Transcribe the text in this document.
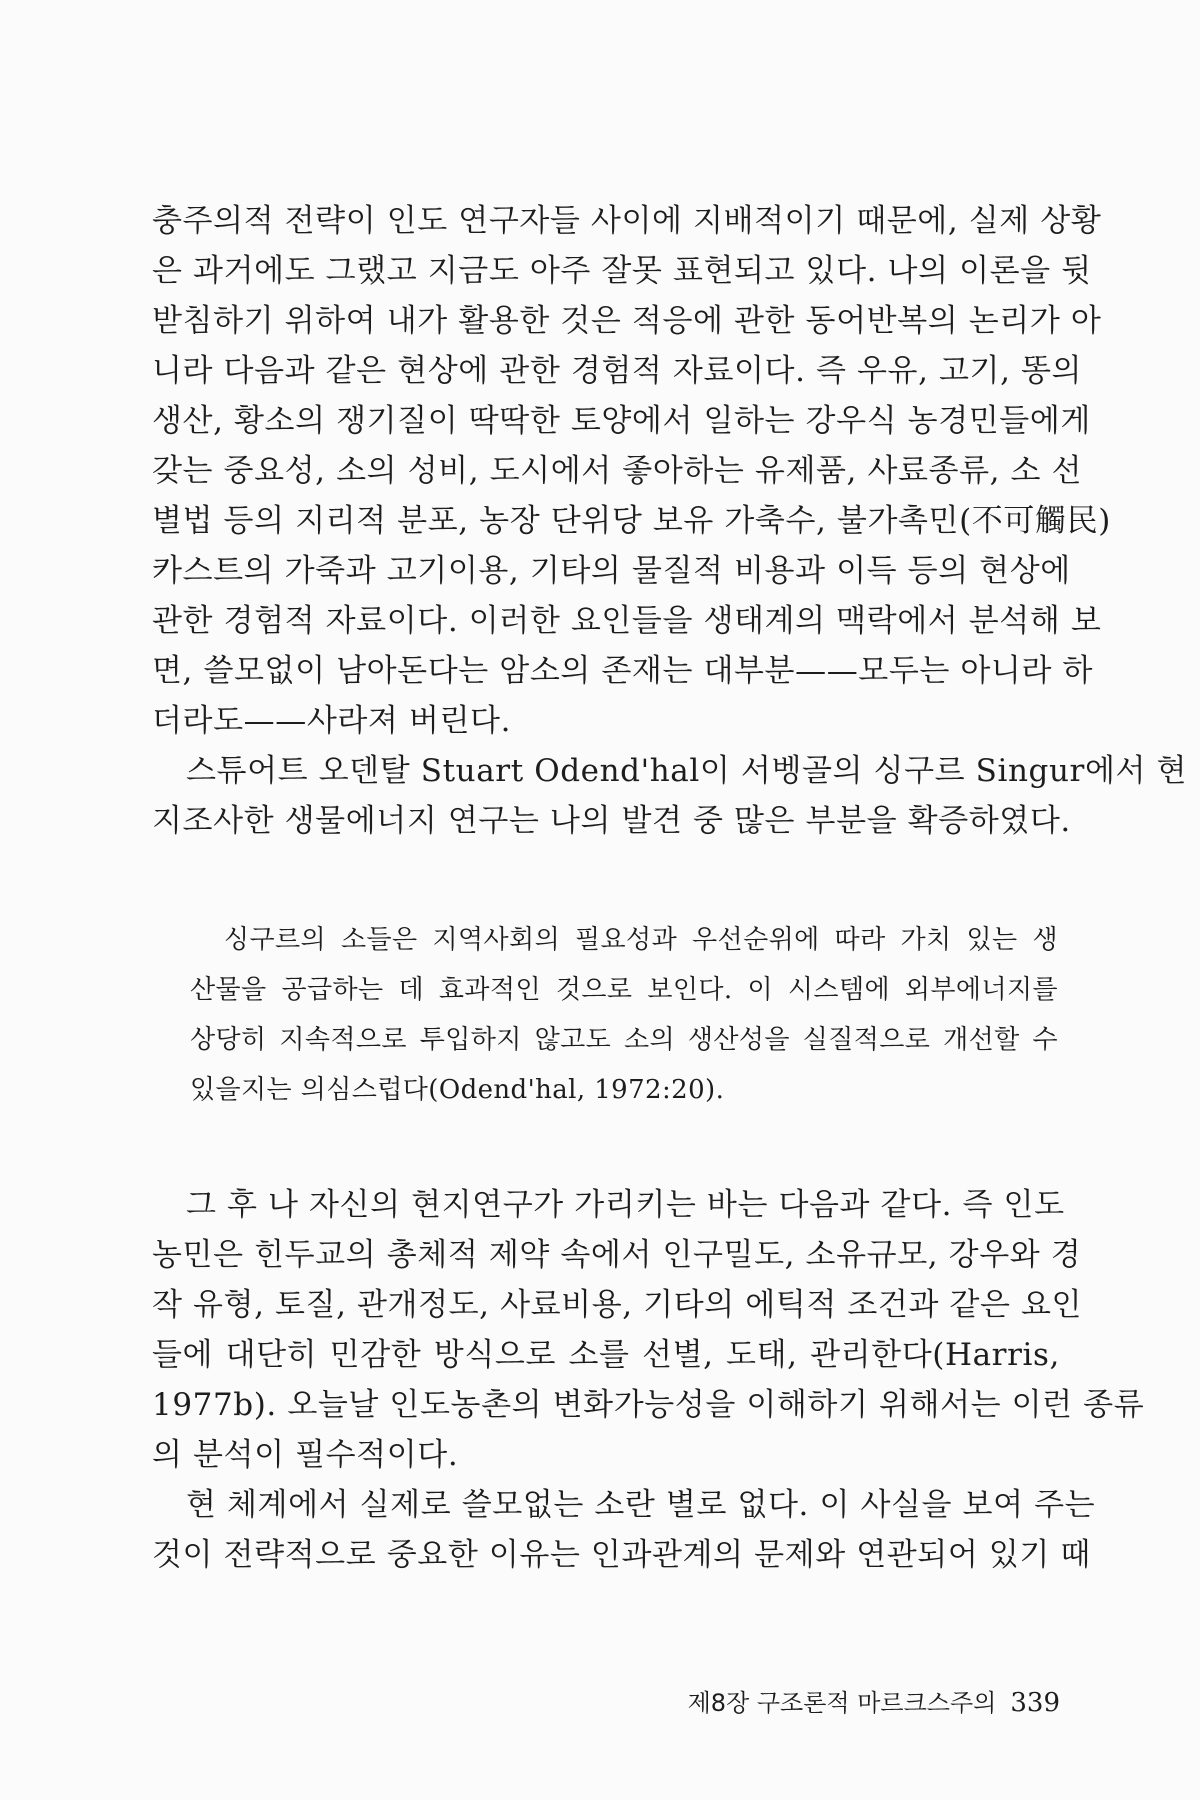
충주의적 전략이 인도 연구자들 사이에 지배적이기 때문에, 실제 상황
은 과거에도 그랬고 지금도 아주 잘못 표현되고 있다. 나의 이론을 뒷
받침하기 위하여 내가 활용한 것은 적응에 관한 동어반복의 논리가 아
니라 다음과 같은 현상에 관한 경험적 자료이다. 즉 우유, 고기, 똥의
생산, 황소의 쟁기질이 딱딱한 토양에서 일하는 강우식 농경민들에게
갖는 중요성, 소의 성비, 도시에서 좋아하는 유제품, 사료종류, 소 선
별법 등의 지리적 분포, 농장 단위당 보유 가축수, 불가촉민(不可觸民)
카스트의 가죽과 고기이용, 기타의 물질적 비용과 이득 등의 현상에
관한 경험적 자료이다. 이러한 요인들을 생태계의 맥락에서 분석해 보
면, 쓸모없이 남아돈다는 암소의 존재는 대부분——모두는 아니라 하
더라도——사라져 버린다.
스튜어트 오덴탈 Stuart Odend'hal이 서벵골의 싱구르 Singur에서 현
지조사한 생물에너지 연구는 나의 발견 중 많은 부분을 확증하였다.
싱구르의 소들은 지역사회의 필요성과 우선순위에 따라 가치 있는 생
산물을 공급하는 데 효과적인 것으로 보인다. 이 시스템에 외부에너지를
상당히 지속적으로 투입하지 않고도 소의 생산성을 실질적으로 개선할 수
있을지는 의심스럽다(Odend'hal, 1972:20).
그 후 나 자신의 현지연구가 가리키는 바는 다음과 같다. 즉 인도
농민은 힌두교의 총체적 제약 속에서 인구밀도, 소유규모, 강우와 경
작 유형, 토질, 관개정도, 사료비용, 기타의 에틱적 조건과 같은 요인
들에 대단히 민감한 방식으로 소를 선별, 도태, 관리한다(Harris,
1977b). 오늘날 인도농촌의 변화가능성을 이해하기 위해서는 이런 종류
의 분석이 필수적이다.
현 체계에서 실제로 쓸모없는 소란 별로 없다. 이 사실을 보여 주는
것이 전략적으로 중요한 이유는 인과관계의 문제와 연관되어 있기 때
제8장 구조론적 마르크스주의 339
